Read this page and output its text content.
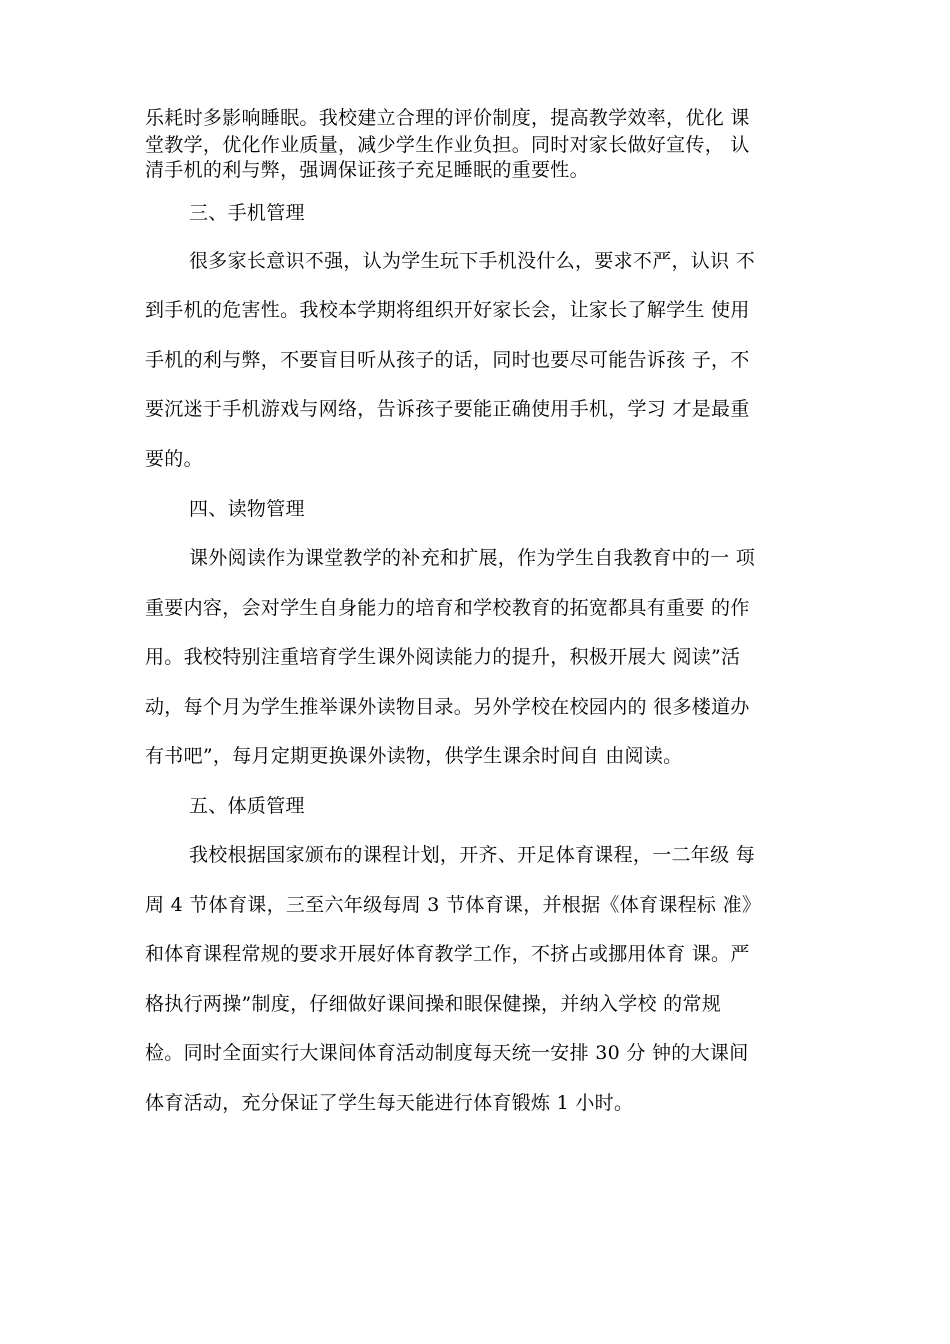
乐耗时多影响睡眠。我校建立合理的评价制度，提高教学效率，优化 课
堂教学，优化作业质量，减少学生作业负担。同时对家长做好宣传， 认
清手机的利与弊，强调保证孩子充足睡眠的重要性。
三、手机管理
很多家长意识不强，认为学生玩下手机没什么，要求不严，认识 不
到手机的危害性。我校本学期将组织开好家长会，让家长了解学生 使用
手机的利与弊，不要盲目听从孩子的话，同时也要尽可能告诉孩 子，不
要沉迷于手机游戏与网络，告诉孩子要能正确使用手机，学习 才是最重
要的。
四、读物管理
课外阅读作为课堂教学的补充和扩展，作为学生自我教育中的一 项
重要内容，会对学生自身能力的培育和学校教育的拓宽都具有重要 的作
用。我校特别注重培育学生课外阅读能力的提升，积极开展大 阅读”活
动，每个月为学生推举课外读物目录。另外学校在校园内的 很多楼道办
有书吧”，每月定期更换课外读物，供学生课余时间自 由阅读。
五、体质管理
我校根据国家颁布的课程计划，开齐、开足体育课程，一二年级 每
周 4 节体育课，三至六年级每周 3 节体育课，并根据《体育课程标 准》
和体育课程常规的要求开展好体育教学工作，不挤占或挪用体育 课。严
格执行两操”制度，仔细做好课间操和眼保健操，并纳入学校 的常规
检。同时全面实行大课间体育活动制度每天统一安排 30 分 钟的大课间
体育活动，充分保证了学生每天能进行体育锻炼 1 小时。
